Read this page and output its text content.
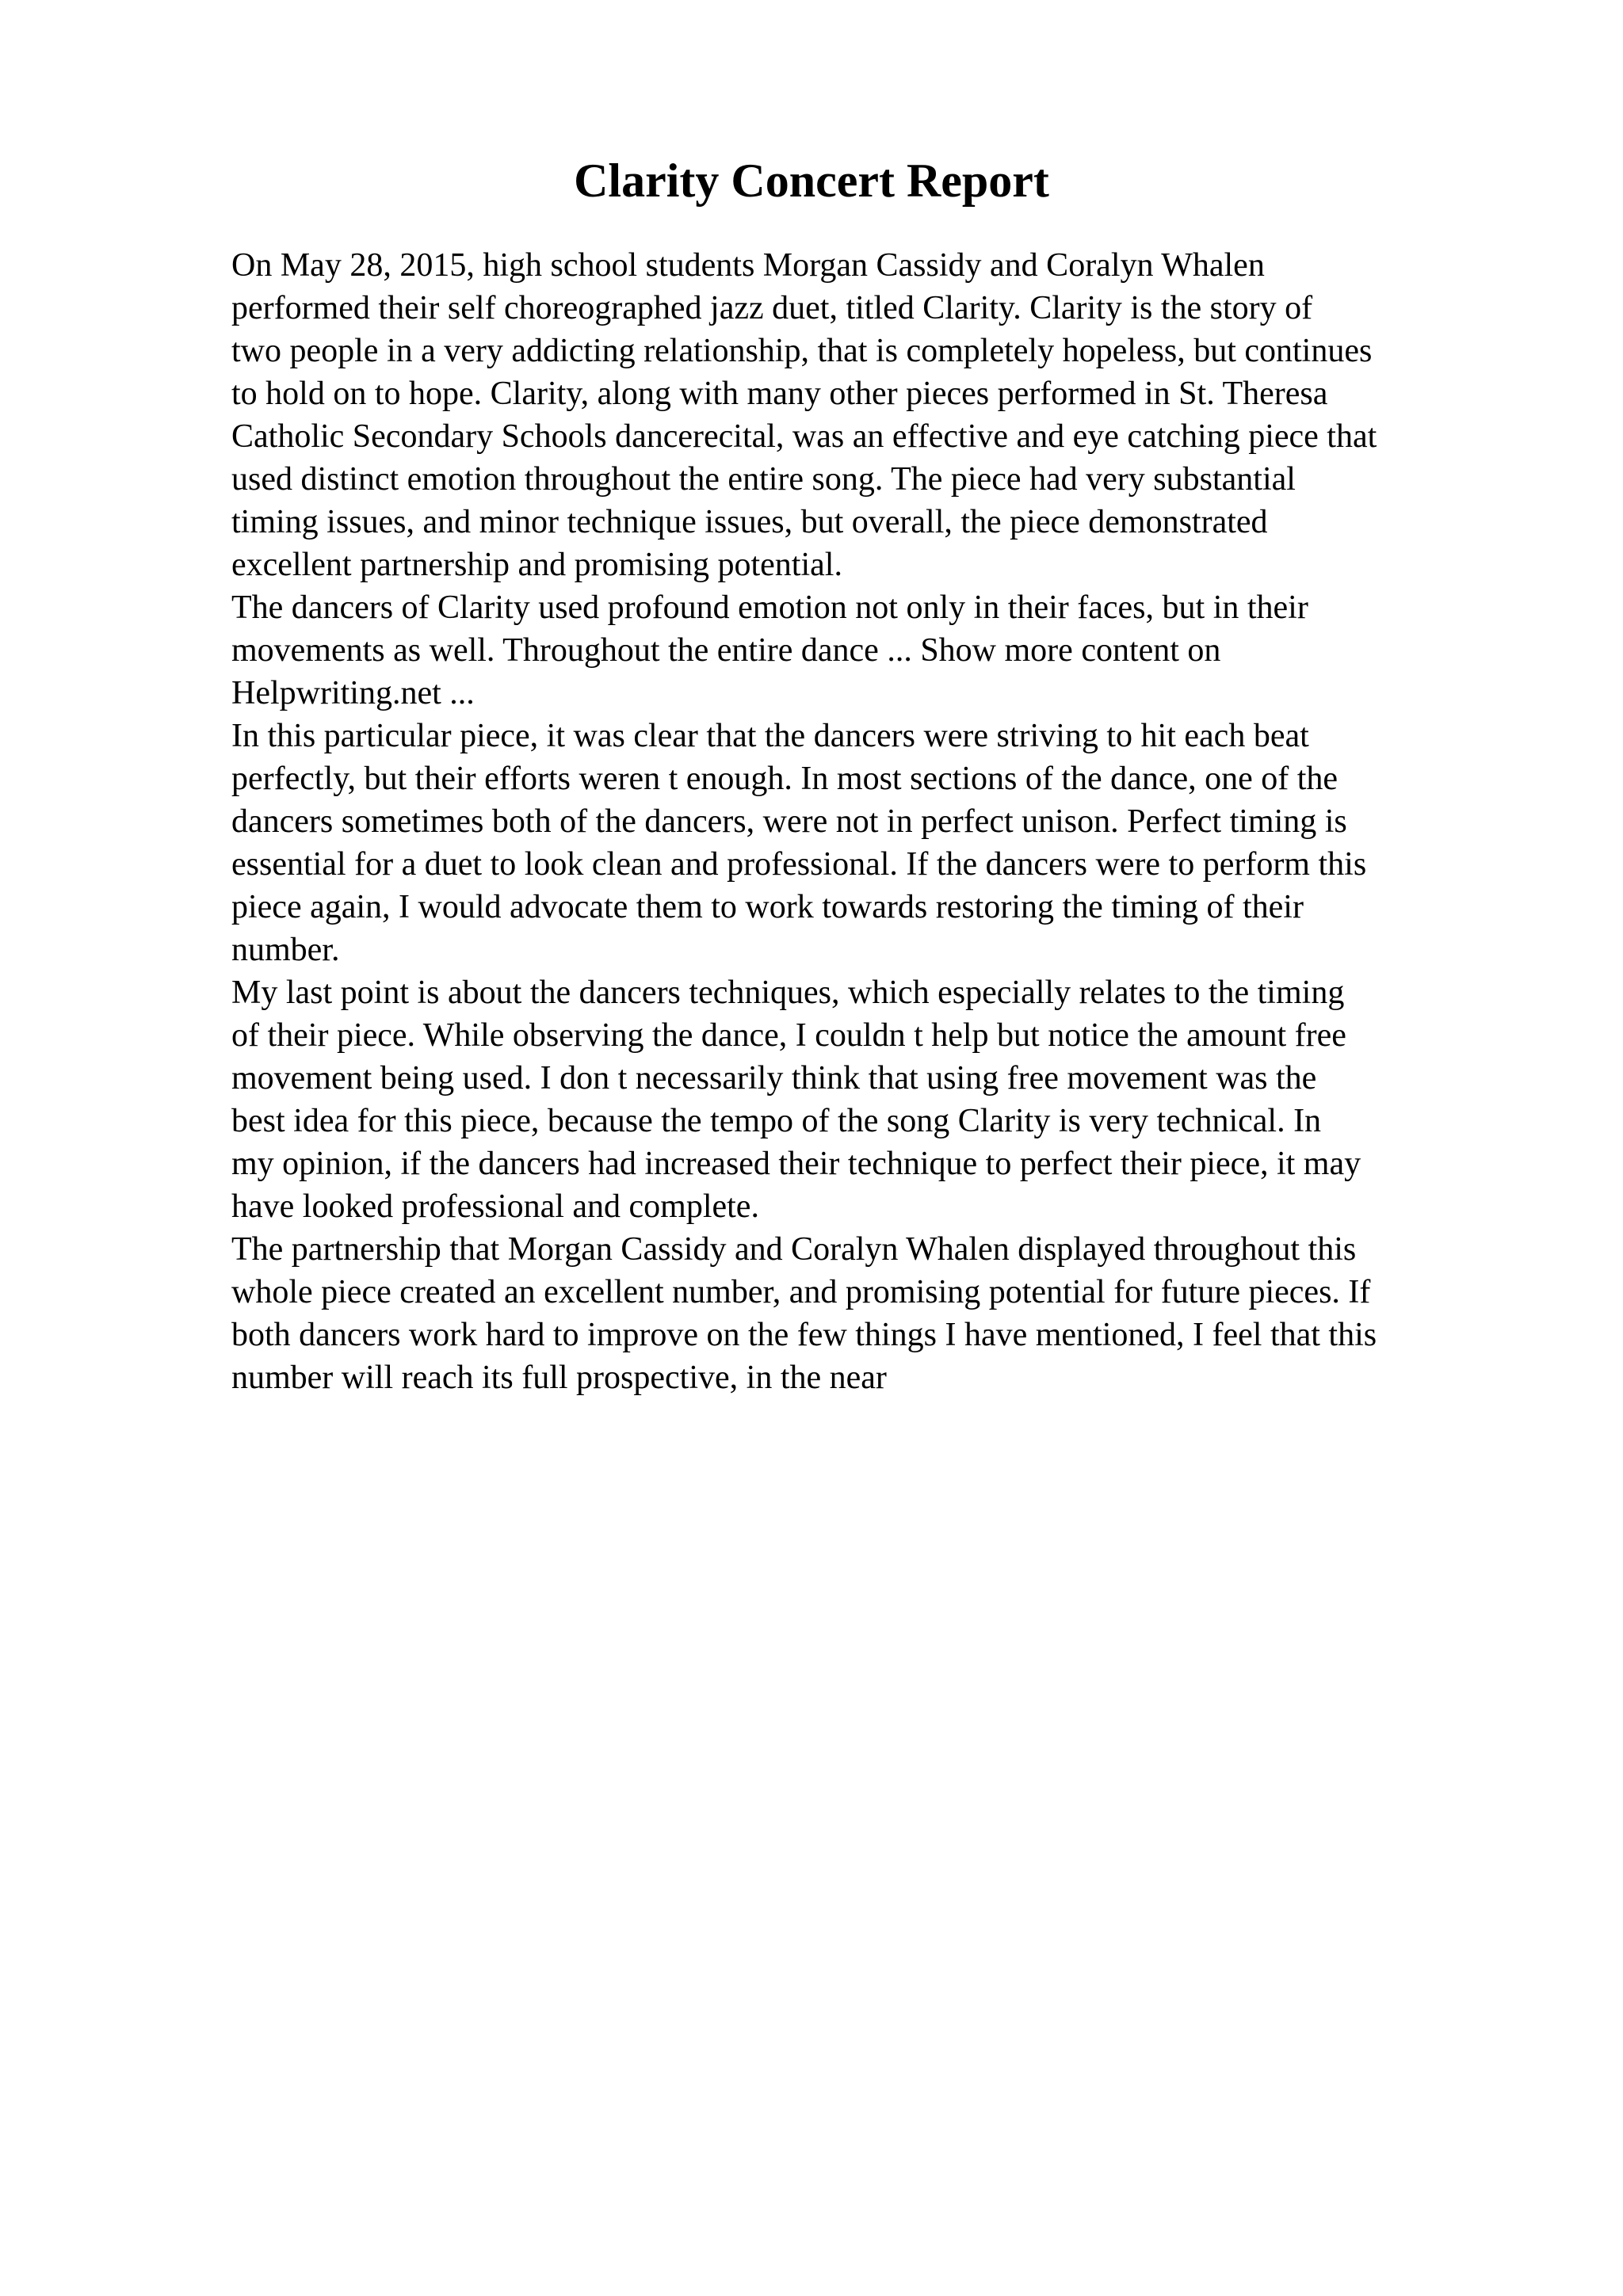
Clarity Concert Report
On May 28, 2015, high school students Morgan Cassidy and Coralyn Whalen
performed their self choreographed jazz duet, titled Clarity. Clarity is the story of
two people in a very addicting relationship, that is completely hopeless, but continues
to hold on to hope. Clarity, along with many other pieces performed in St. Theresa
Catholic Secondary Schools dancerecital, was an effective and eye catching piece that
used distinct emotion throughout the entire song. The piece had very substantial
timing issues, and minor technique issues, but overall, the piece demonstrated
excellent partnership and promising potential.
The dancers of Clarity used profound emotion not only in their faces, but in their
movements as well. Throughout the entire dance ... Show more content on
Helpwriting.net ...
In this particular piece, it was clear that the dancers were striving to hit each beat
perfectly, but their efforts weren t enough. In most sections of the dance, one of the
dancers sometimes both of the dancers, were not in perfect unison. Perfect timing is
essential for a duet to look clean and professional. If the dancers were to perform this
piece again, I would advocate them to work towards restoring the timing of their
number.
My last point is about the dancers techniques, which especially relates to the timing
of their piece. While observing the dance, I couldn t help but notice the amount free
movement being used. I don t necessarily think that using free movement was the
best idea for this piece, because the tempo of the song Clarity is very technical. In
my opinion, if the dancers had increased their technique to perfect their piece, it may
have looked professional and complete.
The partnership that Morgan Cassidy and Coralyn Whalen displayed throughout this
whole piece created an excellent number, and promising potential for future pieces. If
both dancers work hard to improve on the few things I have mentioned, I feel that this
number will reach its full prospective, in the near
